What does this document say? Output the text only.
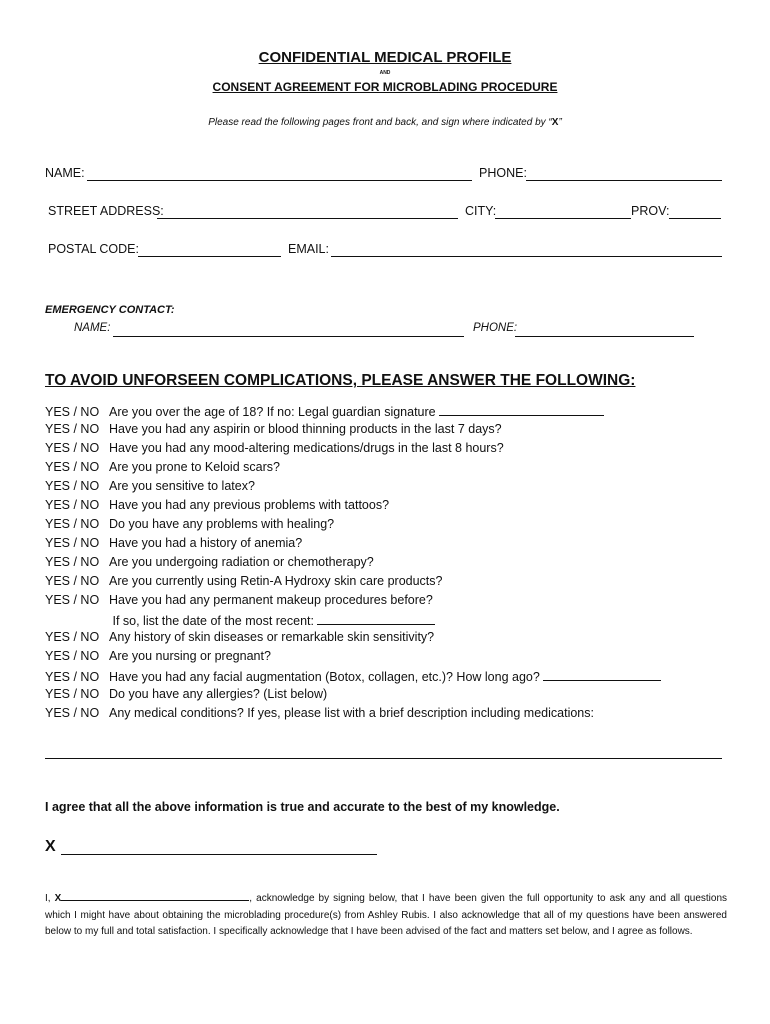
CONFIDENTIAL MEDICAL PROFILE
AND
CONSENT AGREEMENT FOR MICROBLADING PROCEDURE
Please read the following pages front and back, and sign where indicated by “X”
NAME:	PHONE:
STREET ADDRESS:	CITY:	PROV:
POSTAL CODE:	EMAIL:
EMERGENCY CONTACT:
NAME:	PHONE:
TO AVOID UNFORSEEN COMPLICATIONS, PLEASE ANSWER THE FOLLOWING:
YES / NO Are you over the age of 18? If no: Legal guardian signature
YES / NO Have you had any aspirin or blood thinning products in the last 7 days?
YES / NO Have you had any mood-altering medications/drugs in the last 8 hours?
YES / NO Are you prone to Keloid scars?
YES / NO Are you sensitive to latex?
YES / NO Have you had any previous problems with tattoos?
YES / NO Do you have any problems with healing?
YES / NO Have you had a history of anemia?
YES / NO Are you undergoing radiation or chemotherapy?
YES / NO Are you currently using Retin-A Hydroxy skin care products?
YES / NO Have you had any permanent makeup procedures before?
If so, list the date of the most recent:
YES / NO Any history of skin diseases or remarkable skin sensitivity?
YES / NO Are you nursing or pregnant?
YES / NO Have you had any facial augmentation (Botox, collagen, etc.)? How long ago?
YES / NO Do you have any allergies? (List below)
YES / NO Any medical conditions? If yes, please list with a brief description including medications:
I agree that all the above information is true and accurate to the best of my knowledge.
X
I, X	, acknowledge by signing below, that I have been given the full opportunity to ask any and all questions which I might have about obtaining the microblading procedure(s) from Ashley Rubis. I also acknowledge that all of my questions have been answered below to my full and total satisfaction. I specifically acknowledge that I have been advised of the fact and matters set below, and I agree as follows.
